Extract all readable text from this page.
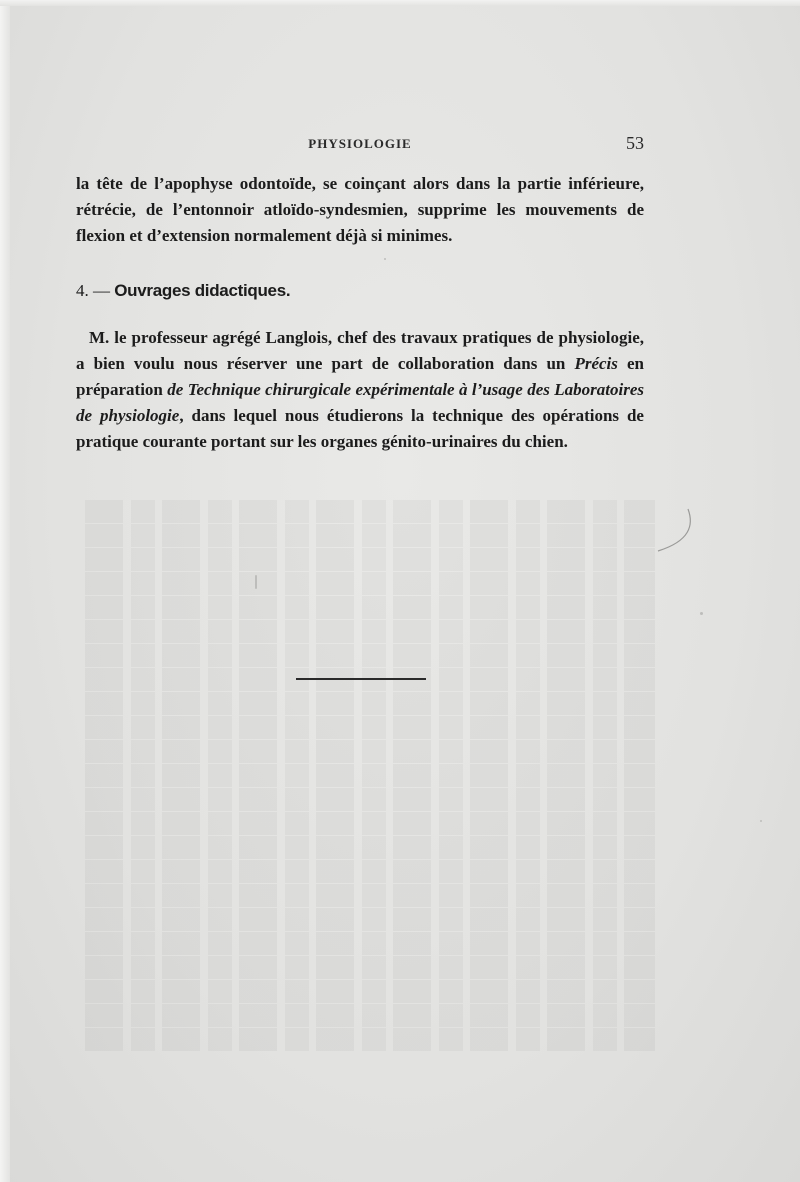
PHYSIOLOGIE	53

la tête de l’apophyse odontoïde, se coinçant alors dans la partie inférieure, rétrécie, de l’entonnoir atloïdo-syndesmien, supprime les mouvements de flexion et d’extension normalement déjà si minimes.

4. — Ouvrages didactiques.

M. le professeur agrégé Langlois, chef des travaux pratiques de physiologie, a bien voulu nous réserver une part de collaboration dans un Précis en préparation de Technique chirurgicale expérimentale à l’usage des Laboratoires de physiologie, dans lequel nous étudierons la technique des opérations de pratique courante portant sur les organes génito-urinaires du chien.
